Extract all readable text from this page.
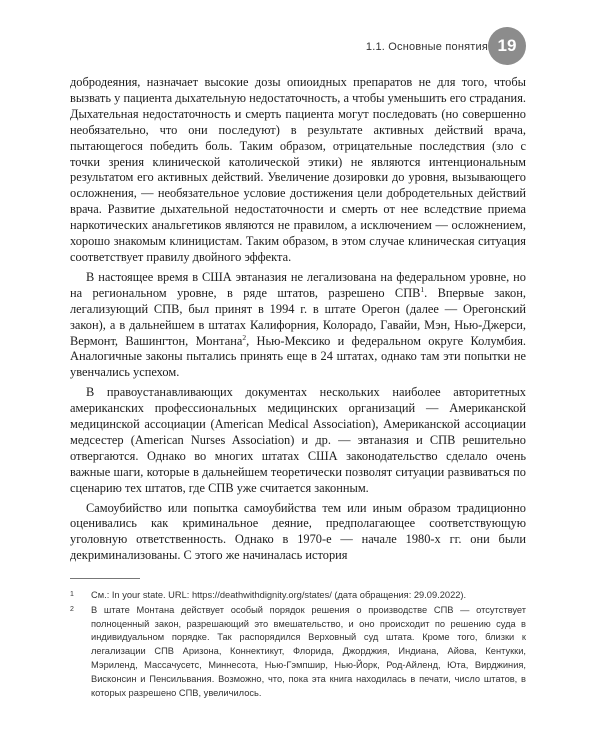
1.1. Основные понятия 19

добродеяния, назначает высокие дозы опиоидных препаратов не для того, чтобы вызвать у пациента дыхательную недостаточность, а чтобы уменьшить его страдания. Дыхательная недостаточность и смерть пациента могут последовать (но совершенно необязательно, что они последуют) в результате активных действий врача, пытающегося победить боль. Таким образом, отрицательные последствия (зло с точки зрения клинической католической этики) не являются интенциональным результатом его активных действий. Увеличение дозировки до уровня, вызывающего осложнения, — необязательное условие достижения цели добродетельных действий врача. Развитие дыхательной недостаточности и смерть от нее вследствие приема наркотических анальгетиков являются не правилом, а исключением — осложнением, хорошо знакомым клиницистам. Таким образом, в этом случае клиническая ситуация соответствует правилу двойного эффекта.

В настоящее время в США эвтаназия не легализована на федеральном уровне, но на региональном уровне, в ряде штатов, разрешено СПВ$^1$. Впервые закон, легализующий СПВ, был принят в 1994 г. в штате Орегон (далее — Орегонский закон), а в дальнейшем в штатах Калифорния, Колорадо, Гавайи, Мэн, Нью-Джерси, Вермонт, Вашингтон, Монтана$^2$, Нью-Мексико и федеральном округе Колумбия. Аналогичные законы пытались принять еще в 24 штатах, однако там эти попытки не увенчались успехом.

В правоустанавливающих документах нескольких наиболее авторитетных американских профессиональных медицинских организаций — Американской медицинской ассоциации (American Medical Association), Американской ассоциации медсестер (American Nurses Association) и др. — эвтаназия и СПВ решительно отвергаются. Однако во многих штатах США законодательство сделало очень важные шаги, которые в дальнейшем теоретически позволят ситуации развиваться по сценарию тех штатов, где СПВ уже считается законным.

Самоубийство или попытка самоубийства тем или иным образом традиционно оценивались как криминальное деяние, предполагающее соответствующую уголовную ответственность. Однако в 1970-е — начале 1980-х гг. они были декриминализованы. С этого же начиналась история

1	См.: In your state. URL: https://deathwithdignity.org/states/ (дата обращения: 29.09.2022).
2	В штате Монтана действует особый порядок решения о производстве СПВ — отсутствует полноценный закон, разрешающий это вмешательство, и оно происходит по решению суда в индивидуальном порядке. Так распорядился Верховный суд штата. Кроме того, близки к легализации СПВ Аризона, Коннектикут, Флорида, Джорджия, Индиана, Айова, Кентукки, Мэриленд, Массачусетс, Миннесота, Нью-Гэмпшир, Нью-Йорк, Род-Айленд, Юта, Вирджиния, Висконсин и Пенсильвания. Возможно, что, пока эта книга находилась в печати, число штатов, в которых разрешено СПВ, увеличилось.
